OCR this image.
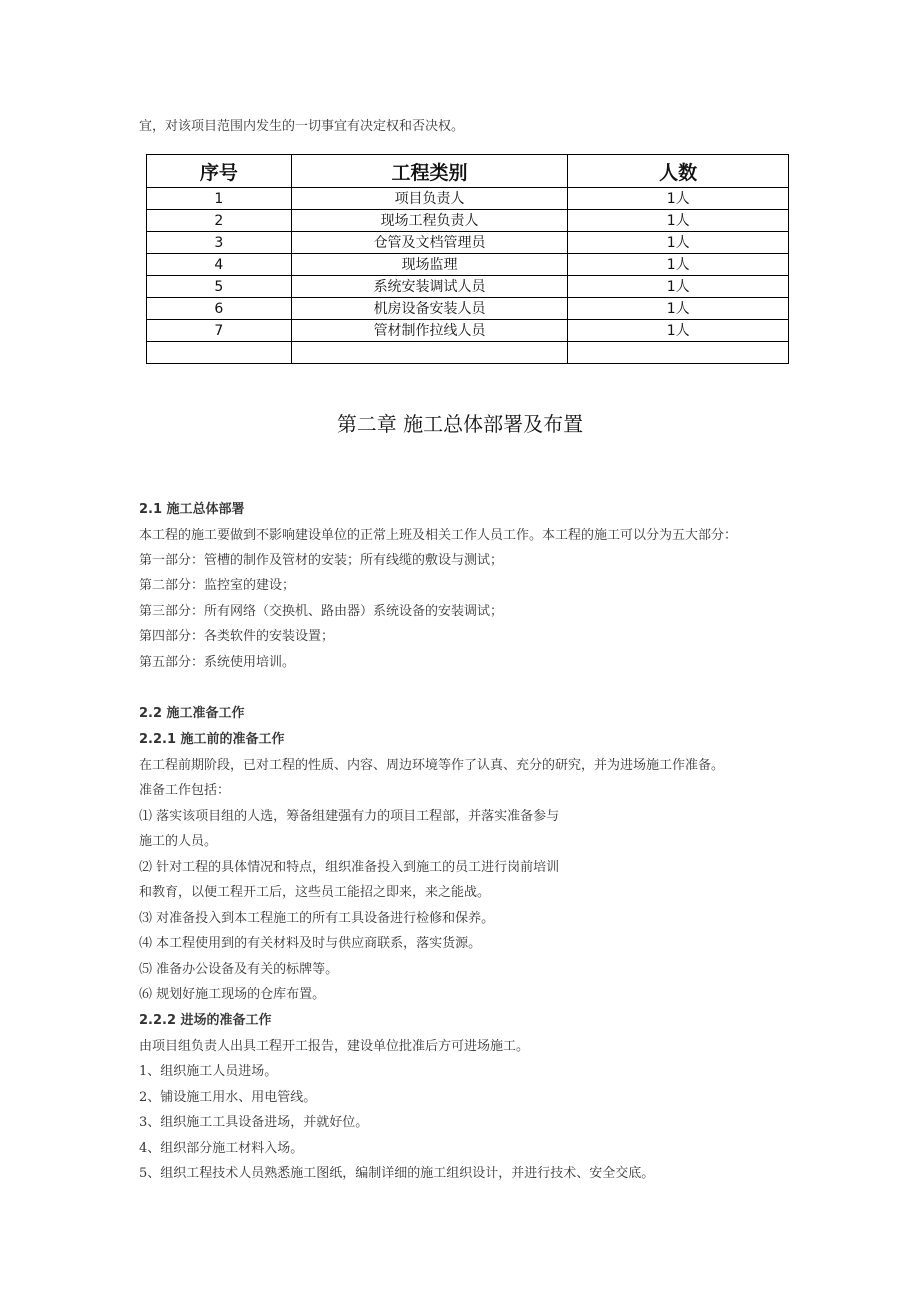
宜，对该项目范围内发生的一切事宜有决定权和否决权。
序号	工程类别	人数
1	项目负责人	1人
2	现场工程负责人	1人
3	仓管及文档管理员	1人
4	现场监理	1人
5	系统安装调试人员	1人
6	机房设备安装人员	1人
7	管材制作拉线人员	1人

第二章 施工总体部署及布置
2.1 施工总体部署
本工程的施工要做到不影响建设单位的正常上班及相关工作人员工作。本工程的施工可以分为五大部分：
第一部分：管槽的制作及管材的安装；所有线缆的敷设与测试；
第二部分：监控室的建设；
第三部分：所有网络（交换机、路由器）系统设备的安装调试；
第四部分：各类软件的安装设置；
第五部分：系统使用培训。
2.2 施工准备工作
2.2.1 施工前的准备工作
在工程前期阶段，已对工程的性质、内容、周边环境等作了认真、充分的研究，并为进场施工作准备。
准备工作包括：
⑴ 落实该项目组的人选，筹备组建强有力的项目工程部，并落实准备参与
施工的人员。
⑵ 针对工程的具体情况和特点，组织准备投入到施工的员工进行岗前培训
和教育，以便工程开工后，这些员工能招之即来，来之能战。
⑶ 对准备投入到本工程施工的所有工具设备进行检修和保养。
⑷ 本工程使用到的有关材料及时与供应商联系，落实货源。
⑸ 准备办公设备及有关的标牌等。
⑹ 规划好施工现场的仓库布置。
2.2.2 进场的准备工作
由项目组负责人出具工程开工报告，建设单位批准后方可进场施工。
1、组织施工人员进场。
2、铺设施工用水、用电管线。
3、组织施工工具设备进场，并就好位。
4、组织部分施工材料入场。
5、组织工程技术人员熟悉施工图纸，编制详细的施工组织设计，并进行技术、安全交底。
